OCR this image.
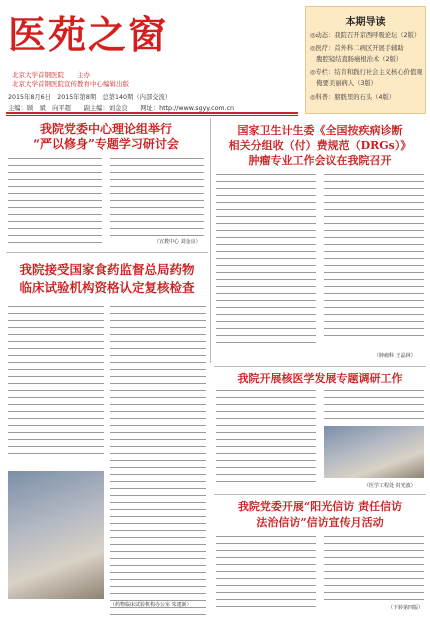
医苑之窗
北京大学首钢医院　　主办
北京大学首钢医院宣传教育中心编辑出版
2015年8月6日　2015年第8期　总第140期（内部交流）
主编：顾　斌　向平超　　副主编：刘金良　　网址：http://www.sgyy.com.cn
本期导读
◎动态：我院召开京西呼吸论坛（2版）
◎医疗：首外科二病区开展手辅助
　腹腔镜结直肠癌根治术（2版）
◎专栏：结肯和践行社会主义核心价值观
　俺要美丽病人（3版）
◎科普：膀胱里的石头（4版）
我院党委中心理论组举行
“严以修身”专题学习研讨会
（宣教中心 刘金良）
国家卫生计生委《全国按疾病诊断
相关分组收（付）费规范（DRGs）》
肿瘤专业工作会议在我院召开
（肿瘤科 王晶林）
我院接受国家食药监督总局药物
临床试验机构资格认定复核检查
（药物临床试验机构办公室 朱建新）
我院开展核医学发展专题调研工作
（医学工程处 封光波）
我院党委开展“阳光信访 责任信访
法治信访”信访宣传月活动
（下转第四版）
